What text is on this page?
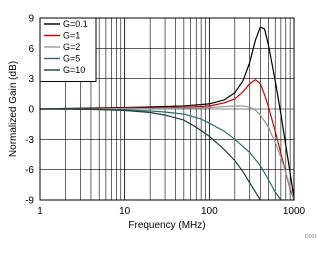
1	10	100	1000
-9
-6
-3
0
3
6
9
Frequency (MHz)
Normalized Gain (dB)
G=0.1
G=1
G=2
G=5
G=10
D001
